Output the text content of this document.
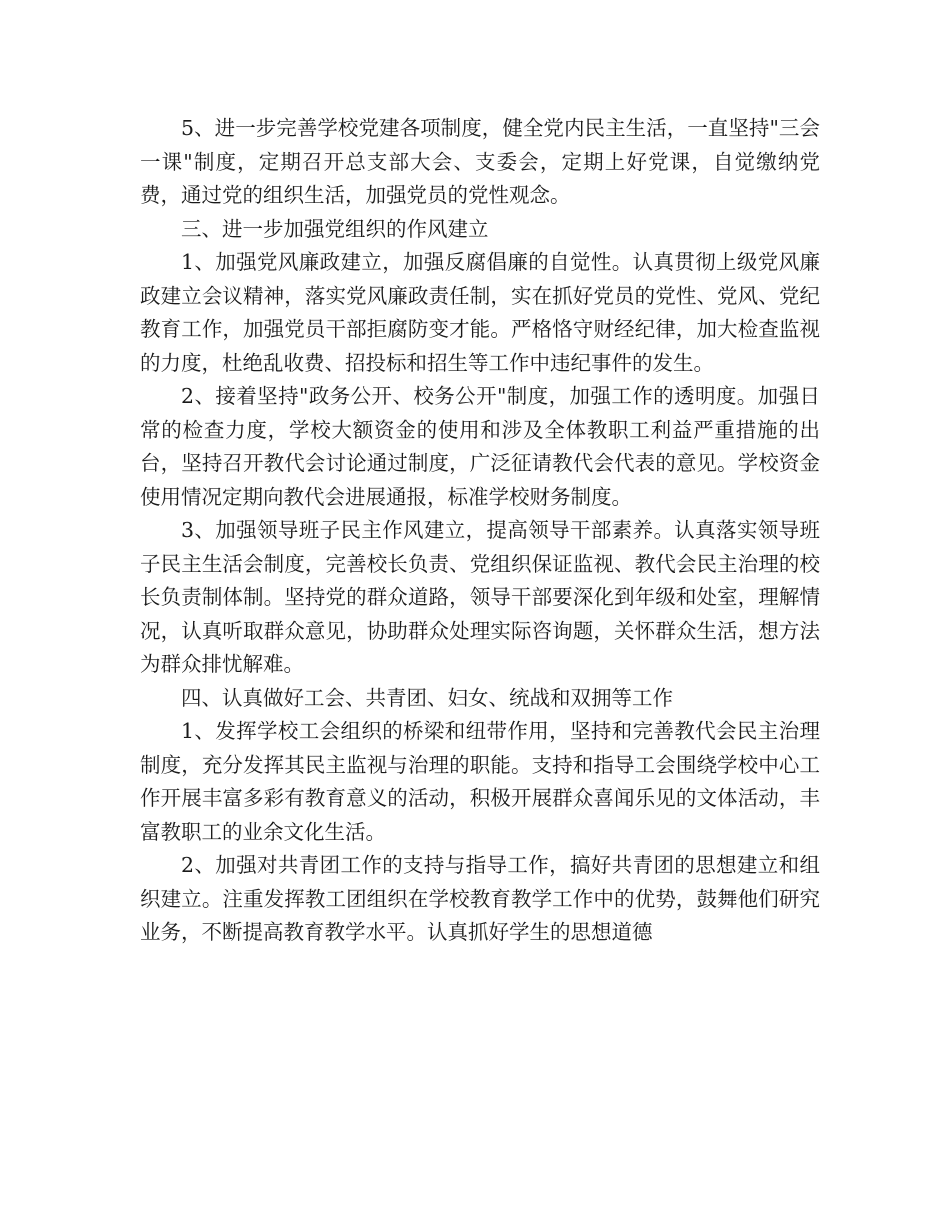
5、进一步完善学校党建各项制度，健全党内民主生活，一直坚持"三会一课"制度，定期召开总支部大会、支委会，定期上好党课，自觉缴纳党费，通过党的组织生活，加强党员的党性观念。

三、进一步加强党组织的作风建立

1、加强党风廉政建立，加强反腐倡廉的自觉性。认真贯彻上级党风廉政建立会议精神，落实党风廉政责任制，实在抓好党员的党性、党风、党纪教育工作，加强党员干部拒腐防变才能。严格恪守财经纪律，加大检查监视的力度，杜绝乱收费、招投标和招生等工作中违纪事件的发生。

2、接着坚持"政务公开、校务公开"制度，加强工作的透明度。加强日常的检查力度，学校大额资金的使用和涉及全体教职工利益严重措施的出台，坚持召开教代会讨论通过制度，广泛征请教代会代表的意见。学校资金使用情况定期向教代会进展通报，标准学校财务制度。

3、加强领导班子民主作风建立，提高领导干部素养。认真落实领导班子民主生活会制度，完善校长负责、党组织保证监视、教代会民主治理的校长负责制体制。坚持党的群众道路，领导干部要深化到年级和处室，理解情况，认真听取群众意见，协助群众处理实际咨询题，关怀群众生活，想方法为群众排忧解难。

四、认真做好工会、共青团、妇女、统战和双拥等工作

1、发挥学校工会组织的桥梁和纽带作用，坚持和完善教代会民主治理制度，充分发挥其民主监视与治理的职能。支持和指导工会围绕学校中心工作开展丰富多彩有教育意义的活动，积极开展群众喜闻乐见的文体活动，丰富教职工的业余文化生活。

2、加强对共青团工作的支持与指导工作，搞好共青团的思想建立和组织建立。注重发挥教工团组织在学校教育教学工作中的优势，鼓舞他们研究业务，不断提高教育教学水平。认真抓好学生的思想道德
